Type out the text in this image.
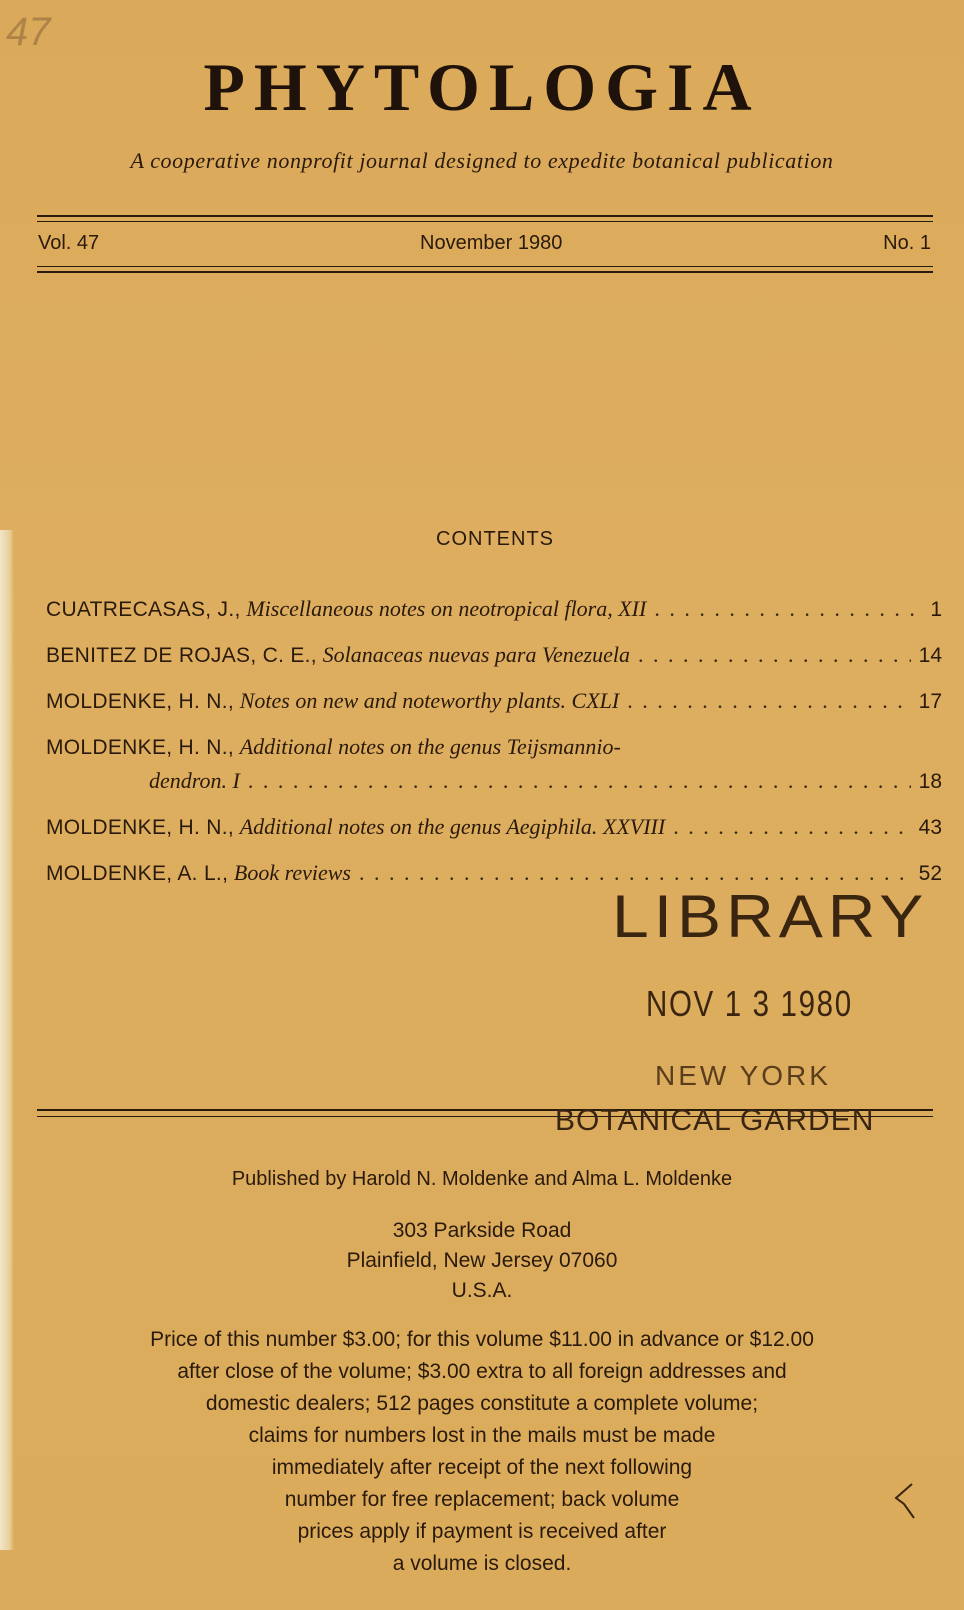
47
PHYTOLOGIA
A cooperative nonprofit journal designed to expedite botanical publication
Vol. 47	November 1980	No. 1
CONTENTS
CUATRECASAS, J. , Miscellaneous notes on neotropical flora, XII . . .	1
BENITEZ DE ROJAS, C. E. , Solanaceas nuevas para Venezuela . . .	14
MOLDENKE, H. N. , Notes on new and noteworthy plants. CXLI . . .	17
MOLDENKE, H. N. , Additional notes on the genus Teijsmannio-
dendron. I . . .	18
MOLDENKE, H. N. , Additional notes on the genus Aegiphila. XXVIII . . .	43
MOLDENKE, A. L. , Book reviews . . .	52
LIBRARY
NOV 1 3 1980
NEW YORK
BOTANICAL GARDEN
Published by Harold N. Moldenke and Alma L. Moldenke
303 Parkside Road
Plainfield, New Jersey 07060
U.S.A.
Price of this number $3.00; for this volume $11.00 in advance or $12.00
after close of the volume; $3.00 extra to all foreign addresses and
domestic dealers; 512 pages constitute a complete volume;
claims for numbers lost in the mails must be made
immediately after receipt of the next following
number for free replacement; back volume
prices apply if payment is received after
a volume is closed.
